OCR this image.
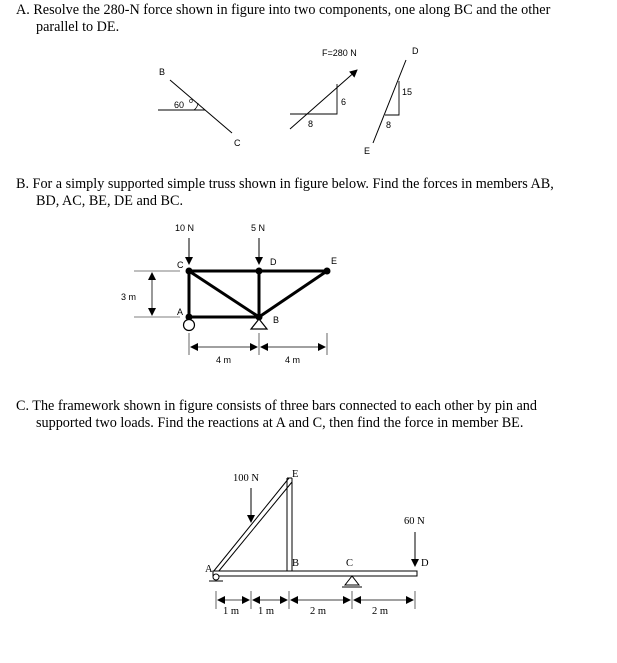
A. Resolve the 280-N force shown in figure into two components, one along BC and the other
parallel to DE.
B. For a simply supported simple truss shown in figure below. Find the forces in members AB,
BD, AC, BE, DE and BC.
C. The framework shown in figure consists of three bars connected to each other by pin and
supported two loads. Find the reactions at A and C, then find the force in member BE.
B
C
60 o
F=280 N
6
8
D
E
15
8
10 N	5 N
C	D	E
A
B
3 m
4 m	4 m
100 N
60 N
E
A
B	C	D
1 m 1 m	2 m	2 m
